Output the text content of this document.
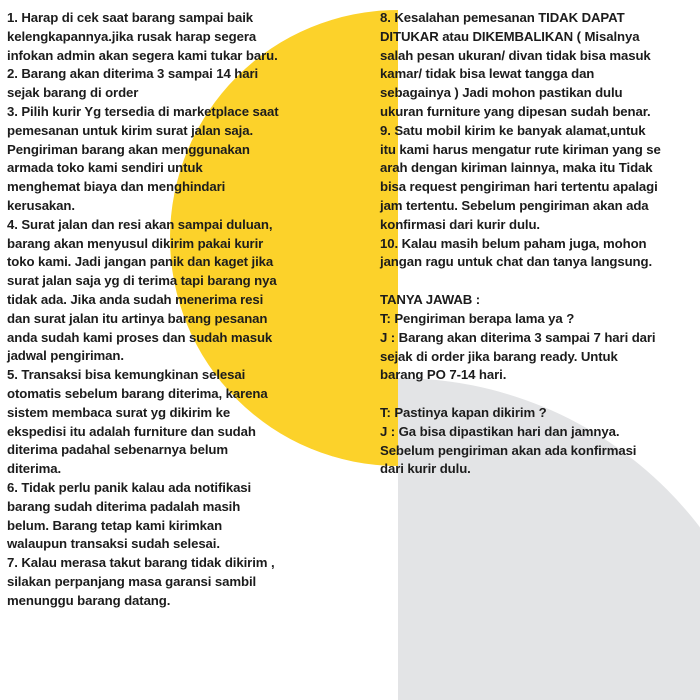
1. Harap di cek saat barang sampai baik
kelengkapannya.jika rusak harap segera
infokan admin akan segera kami tukar baru.

2. Barang akan diterima 3 sampai 14 hari
sejak barang di order

3. Pilih kurir Yg tersedia di marketplace saat
pemesanan untuk kirim surat jalan saja.
Pengiriman barang akan menggunakan
armada toko kami sendiri untuk
menghemat biaya dan menghindari
kerusakan.

4. Surat jalan dan resi akan sampai duluan,
barang akan menyusul dikirim pakai kurir
toko kami. Jadi jangan panik dan kaget jika
surat jalan saja yg di terima tapi barang nya
tidak ada. Jika anda sudah menerima resi
dan surat jalan itu artinya barang pesanan
anda sudah kami proses dan sudah masuk
jadwal pengiriman.

5. Transaksi bisa kemungkinan selesai
otomatis sebelum barang diterima, karena
sistem membaca surat yg dikirim ke
ekspedisi itu adalah furniture dan sudah
diterima padahal sebenarnya belum
diterima.

6. Tidak perlu panik kalau ada notifikasi
barang sudah diterima padalah masih
belum. Barang tetap kami kirimkan
walaupun transaksi sudah selesai.

7. Kalau merasa takut barang tidak dikirim ,
silakan perpanjang masa garansi sambil
menunggu barang datang.

8. Kesalahan pemesanan TIDAK DAPAT
DITUKAR atau DIKEMBALIKAN ( Misalnya
salah pesan ukuran/ divan tidak bisa masuk
kamar/ tidak bisa lewat tangga dan
sebagainya ) Jadi mohon pastikan dulu
ukuran furniture yang dipesan sudah benar.

9. Satu mobil kirim ke banyak alamat,untuk
itu kami harus mengatur rute kiriman yang se
arah dengan kiriman lainnya, maka itu Tidak
bisa request pengiriman hari tertentu apalagi
jam tertentu. Sebelum pengiriman akan ada
konfirmasi dari kurir dulu.

10. Kalau masih belum paham juga, mohon
jangan ragu untuk chat dan tanya langsung.

TANYA JAWAB :

T: Pengiriman berapa lama ya ?

J : Barang akan diterima 3 sampai 7 hari dari
sejak di order jika barang ready. Untuk
barang PO 7-14 hari.

T: Pastinya kapan dikirim ?

J : Ga bisa dipastikan hari dan jamnya.
Sebelum pengiriman akan ada konfirmasi
dari kurir dulu.
